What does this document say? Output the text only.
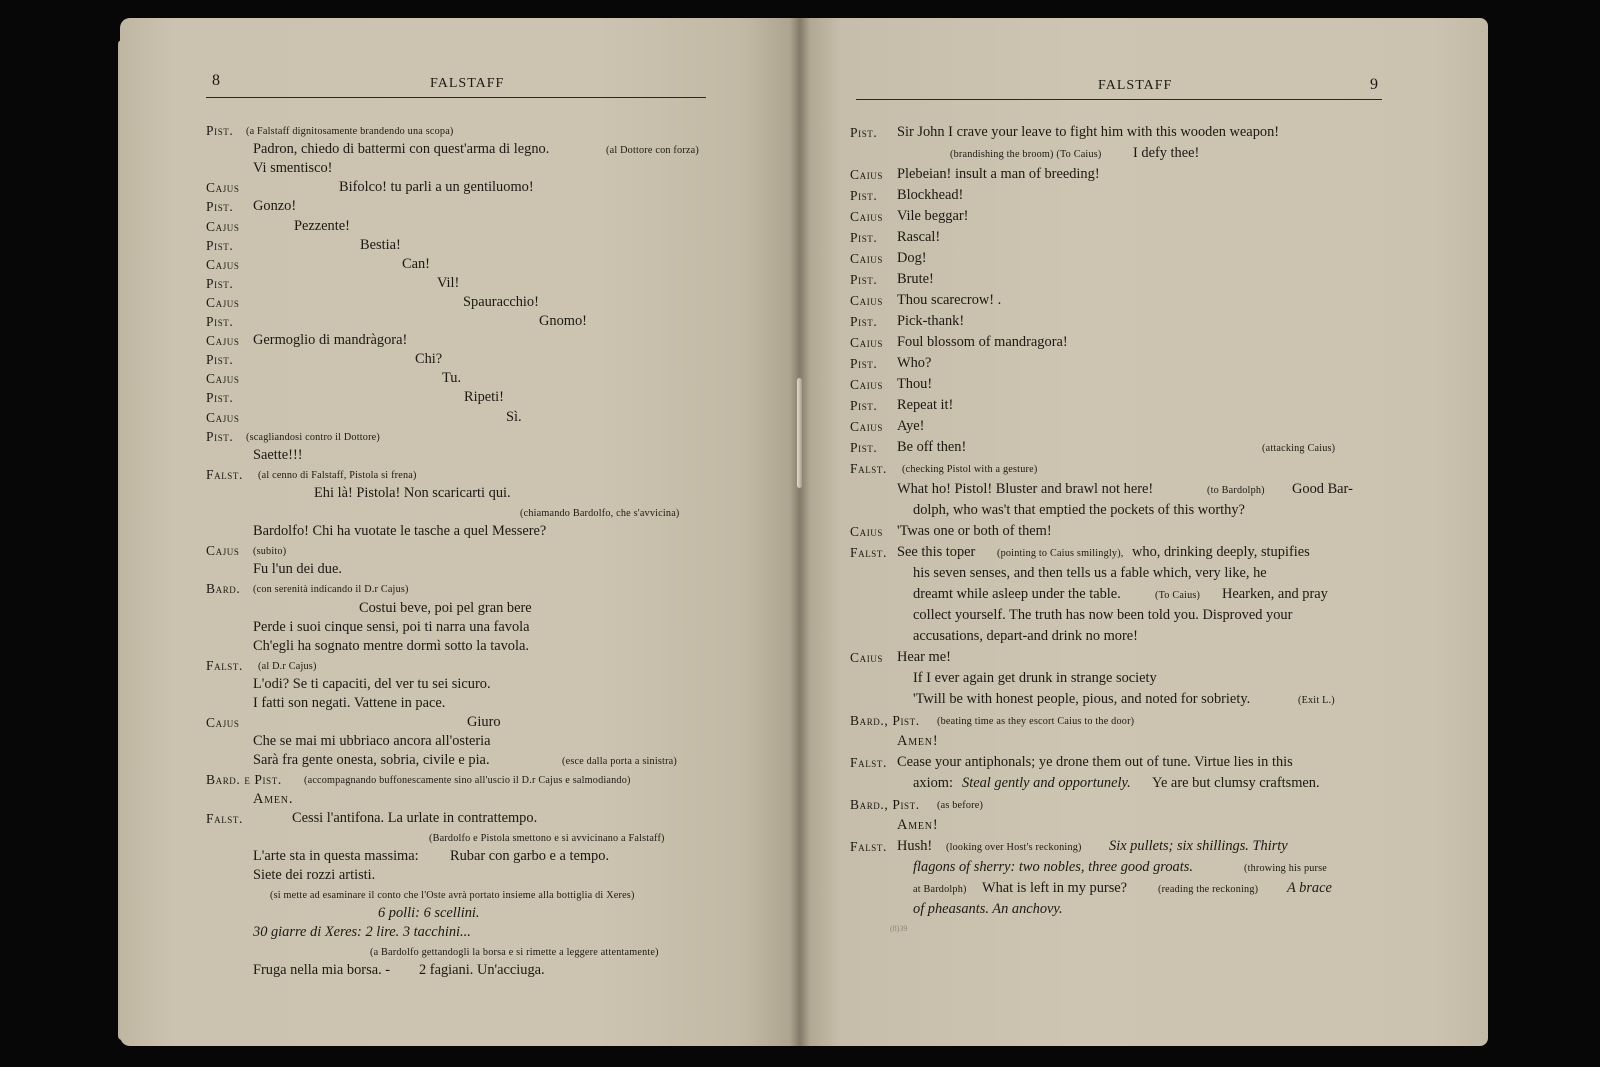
8	FALSTAFF
Pist. (a Falstaff dignitosamente brandendo una scopa)
Padron, chiedo di battermi con quest'arma di legno.	(al Dottore con forza)
Vi smentisco!
Cajus	Bifolco! tu parli a un gentiluomo!
Pist. Gonzo!
Cajus	Pezzente!
Pist.	Bestia!
Cajus	Can!
Pist.	Vil!
Cajus	Spauracchio!
Pist.	Gnomo!
Cajus Germoglio di mandràgora!
Pist.	Chi?
Cajus	Tu.
Pist.	Ripeti!
Cajus	Sì.
Pist. (scagliandosi contro il Dottore)
Saette!!!
Falst. (al cenno di Falstaff, Pistola si frena)
Ehi là! Pistola! Non scaricarti qui.
(chiamando Bardolfo, che s'avvicina)
Bardolfo! Chi ha vuotate le tasche a quel Messere?
Cajus (subito)
Fu l'un dei due.
Bard. (con serenità indicando il D.r Cajus)
Costui beve, poi pel gran bere
Perde i suoi cinque sensi, poi ti narra una favola
Ch'egli ha sognato mentre dormì sotto la tavola.
Falst. (al D.r Cajus)
L'odi? Se ti capaciti, del ver tu sei sicuro.
I fatti son negati. Vattene in pace.
Cajus	Giuro
Che se mai mi ubbriaco ancora all'osteria
Sarà fra gente onesta, sobria, civile e pia.	(esce dalla porta a sinistra)
Bard. e Pist. (accompagnando buffonescamente sino all'uscio il D.r Cajus e salmodiando)
Amen.
Falst.	Cessi l'antifona. La urlate in contrattempo.
(Bardolfo e Pistola smettono e si avvicinano a Falstaff)
L'arte sta in questa massima: Rubar con garbo e a tempo.
Siete dei rozzi artisti.
(si mette ad esaminare il conto che l'Oste avrà portato insieme alla bottiglia di Xeres)
6 polli: 6 scellini.
30 giarre di Xeres: 2 lire. 3 tacchini...
(a Bardolfo gettandogli la borsa e si rimette a leggere attentamente)
Fruga nella mia borsa. - 2 fagiani. Un'acciuga.
FALSTAFF	9
Pist. Sir John I crave your leave to fight him with this wooden weapon!
I defy thee!
(brandishing the broom) (To Caius)
Caius Plebeian! insult a man of breeding!
Pist. Blockhead!
Caius Vile beggar!
Pist. Rascal!
Caius Dog!
Pist. Brute!
Caius Thou scarecrow! .
Pist. Pick-thank!
Caius Foul blossom of mandragora!
Pist. Who?
Caius Thou!
Pist. Repeat it!
Caius Aye!
Pist. Be off then!	(attacking Caius)
Falst. (checking Pistol with a gesture)
What ho! Pistol! Bluster and brawl not here!	Good Bar-
(to Bardolph)
dolph, who was't that emptied the pockets of this worthy?
Caius 'Twas one or both of them!
Falst. See this toper	who, drinking deeply, stupifies
(pointing to Caius smilingly),
his seven senses, and then tells us a fable which, very like, he
dreamt while asleep under the table.	Hearken, and pray
(To Caius)
collect yourself. The truth has now been told you. Disproved your
accusations, depart-and drink no more!
Caius Hear me!
If I ever again get drunk in strange society
'Twill be with honest people, pious, and noted for sobriety.	(Exit L.)
Bard., Pist. (beating time as they escort Caius to the door)
Amen!
Falst. Cease your antiphonals; ye drone them out of tune. Virtue lies in this
axiom: Steal gently and opportunely. Ye are but clumsy craftsmen.
Bard., Pist. (as before)
Amen!
Falst. Hush!	Six pullets; six shillings. Thirty
(looking over Host's reckoning)
flagons of sherry: two nobles, three good groats.	(throwing his purse
What is left in my purse?	A brace
at Bardolph)	(reading the reckoning)
of pheasants. An anchovy.
(8)39
